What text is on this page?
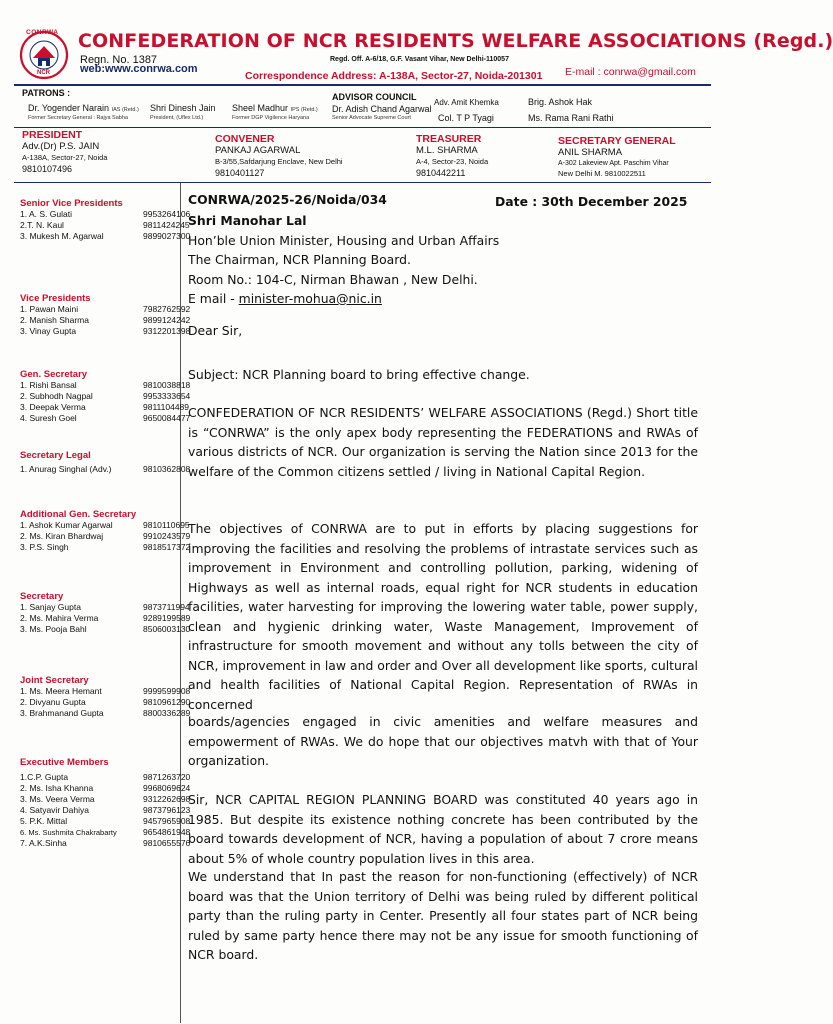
CONRWA
NCR
CONFEDERATION OF NCR RESIDENTS WELFARE ASSOCIATIONS (Regd.)
Regn. No. 1387
web:www.conrwa.com
Regd. Off. A-6/18, G.F. Vasant Vihar, New Delhi-110057
Correspondence Address: A-138A, Sector-27, Noida-201301 E-mail : conrwa@gmail.com
PATRONS :
Dr. Yogender Narain IAS (Retd.)
Former Secretary General : Rajya Sabha
Shri Dinesh Jain
President, (Uflex Ltd.)
Sheel Madhur IPS (Retd.)
Former DGP Vigilence Haryana
ADVISOR COUNCIL
Dr. Adish Chand Agarwal
Senior Advocate Supreme Court
Adv. Amit Khemka
Col. T P Tyagi
Brig. Ashok Hak
Ms. Rama Rani Rathi
PRESIDENT
Adv.(Dr) P.S. JAIN
A-138A, Sector-27, Noida
9810107496
CONVENER
PANKAJ AGARWAL
B-3/55,Safdarjung Enclave, New Delhi
9810401127
TREASURER
M.L. SHARMA
A-4, Sector-23, Noida
9810442211
SECRETARY GENERAL
ANIL SHARMA
A-302 Lakeview Apt. Paschim Vihar
New Delhi M. 9810022511
Senior Vice Presidents
1. A. S. Gulati	9953264106
2.T. N. Kaul	9811424245
3. Mukesh M. Agarwal	9899027300
Vice Presidents
1. Pawan Maini	7982762592
2. Manish Sharma	9899124242
3. Vinay Gupta	9312201398
Gen. Secretary
1. Rishi Bansal	9810038818
2. Subhodh Nagpal	9953333654
3. Deepak Verma	9811104489
4. Suresh Goel	9650084477
Secretary Legal
1. Anurag Singhal (Adv.)	9810362808
Additional Gen. Secretary
1. Ashok Kumar Agarwal	9810110695
2. Ms. Kiran Bhardwaj	9910243579
3. P.S. Singh	9818517372
Secretary
1. Sanjay Gupta	9873711994
2. Ms. Mahira Verma	9289199589
3. Ms. Pooja Bahl	8506003130
Joint Secretary
1. Ms. Meera Hemant	9999599908
2. Divyanu Gupta	9810961290
3. Brahmanand Gupta	8800336289
Executive Members
1.C.P. Gupta	9871263720
2. Ms. Isha Khanna	9968069624
3. Ms. Veera Verma	9312262698
4. Satyavir Dahiya	9873796123
5. P.K. Mittal	9457965908
6. Ms. Sushmita Chakrabarty	9654861948
7. A.K.Sinha	9810655576
CONRWA/2025-26/Noida/034	Date : 30th December 2025
Shri Manohar Lal
Hon’ble Union Minister, Housing and Urban Affairs
The Chairman, NCR Planning Board.
Room No.: 104-C, Nirman Bhawan , New Delhi.
E mail - minister-mohua@nic.in
Dear Sir,
Subject: NCR Planning board to bring effective change.
CONFEDERATION OF NCR RESIDENTS’ WELFARE ASSOCIATIONS (Regd.) Short title is “CONRWA” is the only apex body representing the FEDERATIONS and RWAs of various districts of NCR. Our organization is serving the Nation since 2013 for the welfare of the Common citizens settled / living in National Capital Region.
The objectives of CONRWA are to put in efforts by placing suggestions for improving the facilities and resolving the problems of intrastate services such as improvement in Environment and controlling pollution, parking, widening of Highways as well as internal roads, equal right for NCR students in education facilities, water harvesting for improving the lowering water table, power supply, clean and hygienic drinking water, Waste Management, Improvement of infrastructure for smooth movement and without any tolls between the city of NCR, improvement in law and order and Over all development like sports, cultural and health facilities of National Capital Region. Representation of RWAs in concerned
boards/agencies engaged in civic amenities and welfare measures and empowerment of RWAs. We do hope that our objectives matvh with that of Your organization.
Sir, NCR CAPITAL REGION PLANNING BOARD was constituted 40 years ago in 1985. But despite its existence nothing concrete has been contributed by the board towards development of NCR, having a population of about 7 crore means about 5% of whole country population lives in this area.
We understand that In past the reason for non-functioning (effectively) of NCR board was that the Union territory of Delhi was being ruled by different political party than the ruling party in Center. Presently all four states part of NCR being ruled by same party hence there may not be any issue for smooth functioning of NCR board.
